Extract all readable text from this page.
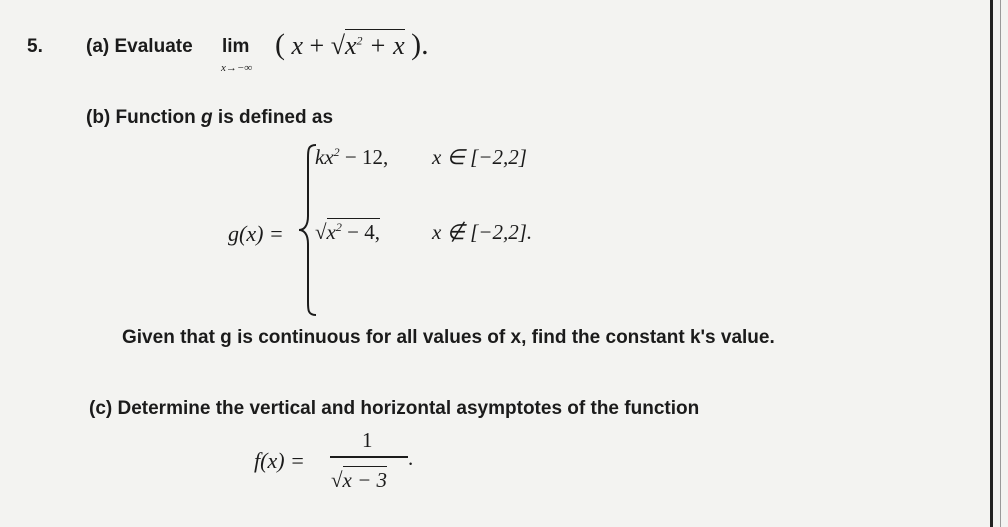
5. (a) Evaluate lim
x→−∞
( $x + √x^2 + x$ ).
(b) Function g is defined as
g(x) =
$kx^2 - 12$, x ∈ [−2,2]
$√x^2 - 4$, x ∉ [−2,2].
Given that g is continuous for all values of x, find the constant k's value.
(c) Determine the vertical and horizontal asymptotes of the function
f(x) =
1
√x − 3
.
